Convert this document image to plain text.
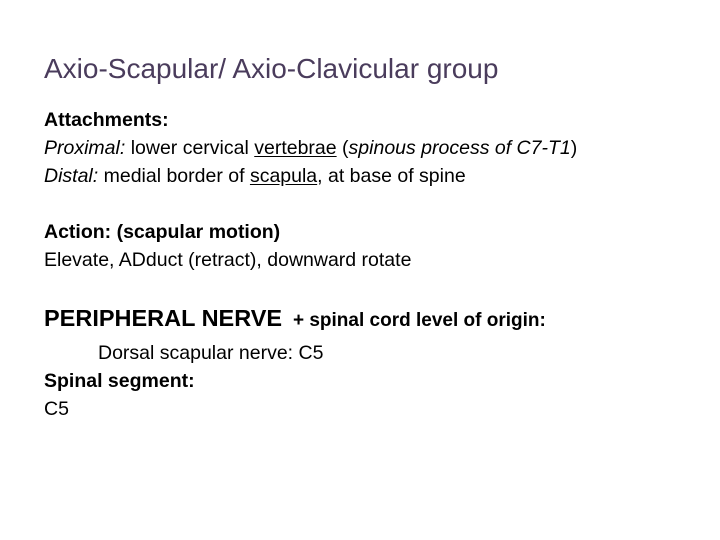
Axio-Scapular/ Axio-Clavicular group
Attachments:
Proximal: lower cervical vertebrae (spinous process of C7-T1)
Distal: medial border of scapula, at base of spine
Action: (scapular motion)
Elevate, ADduct (retract), downward rotate
PERIPHERAL NERVE + spinal cord level of origin:
Dorsal scapular nerve: C5
Spinal segment:
C5
